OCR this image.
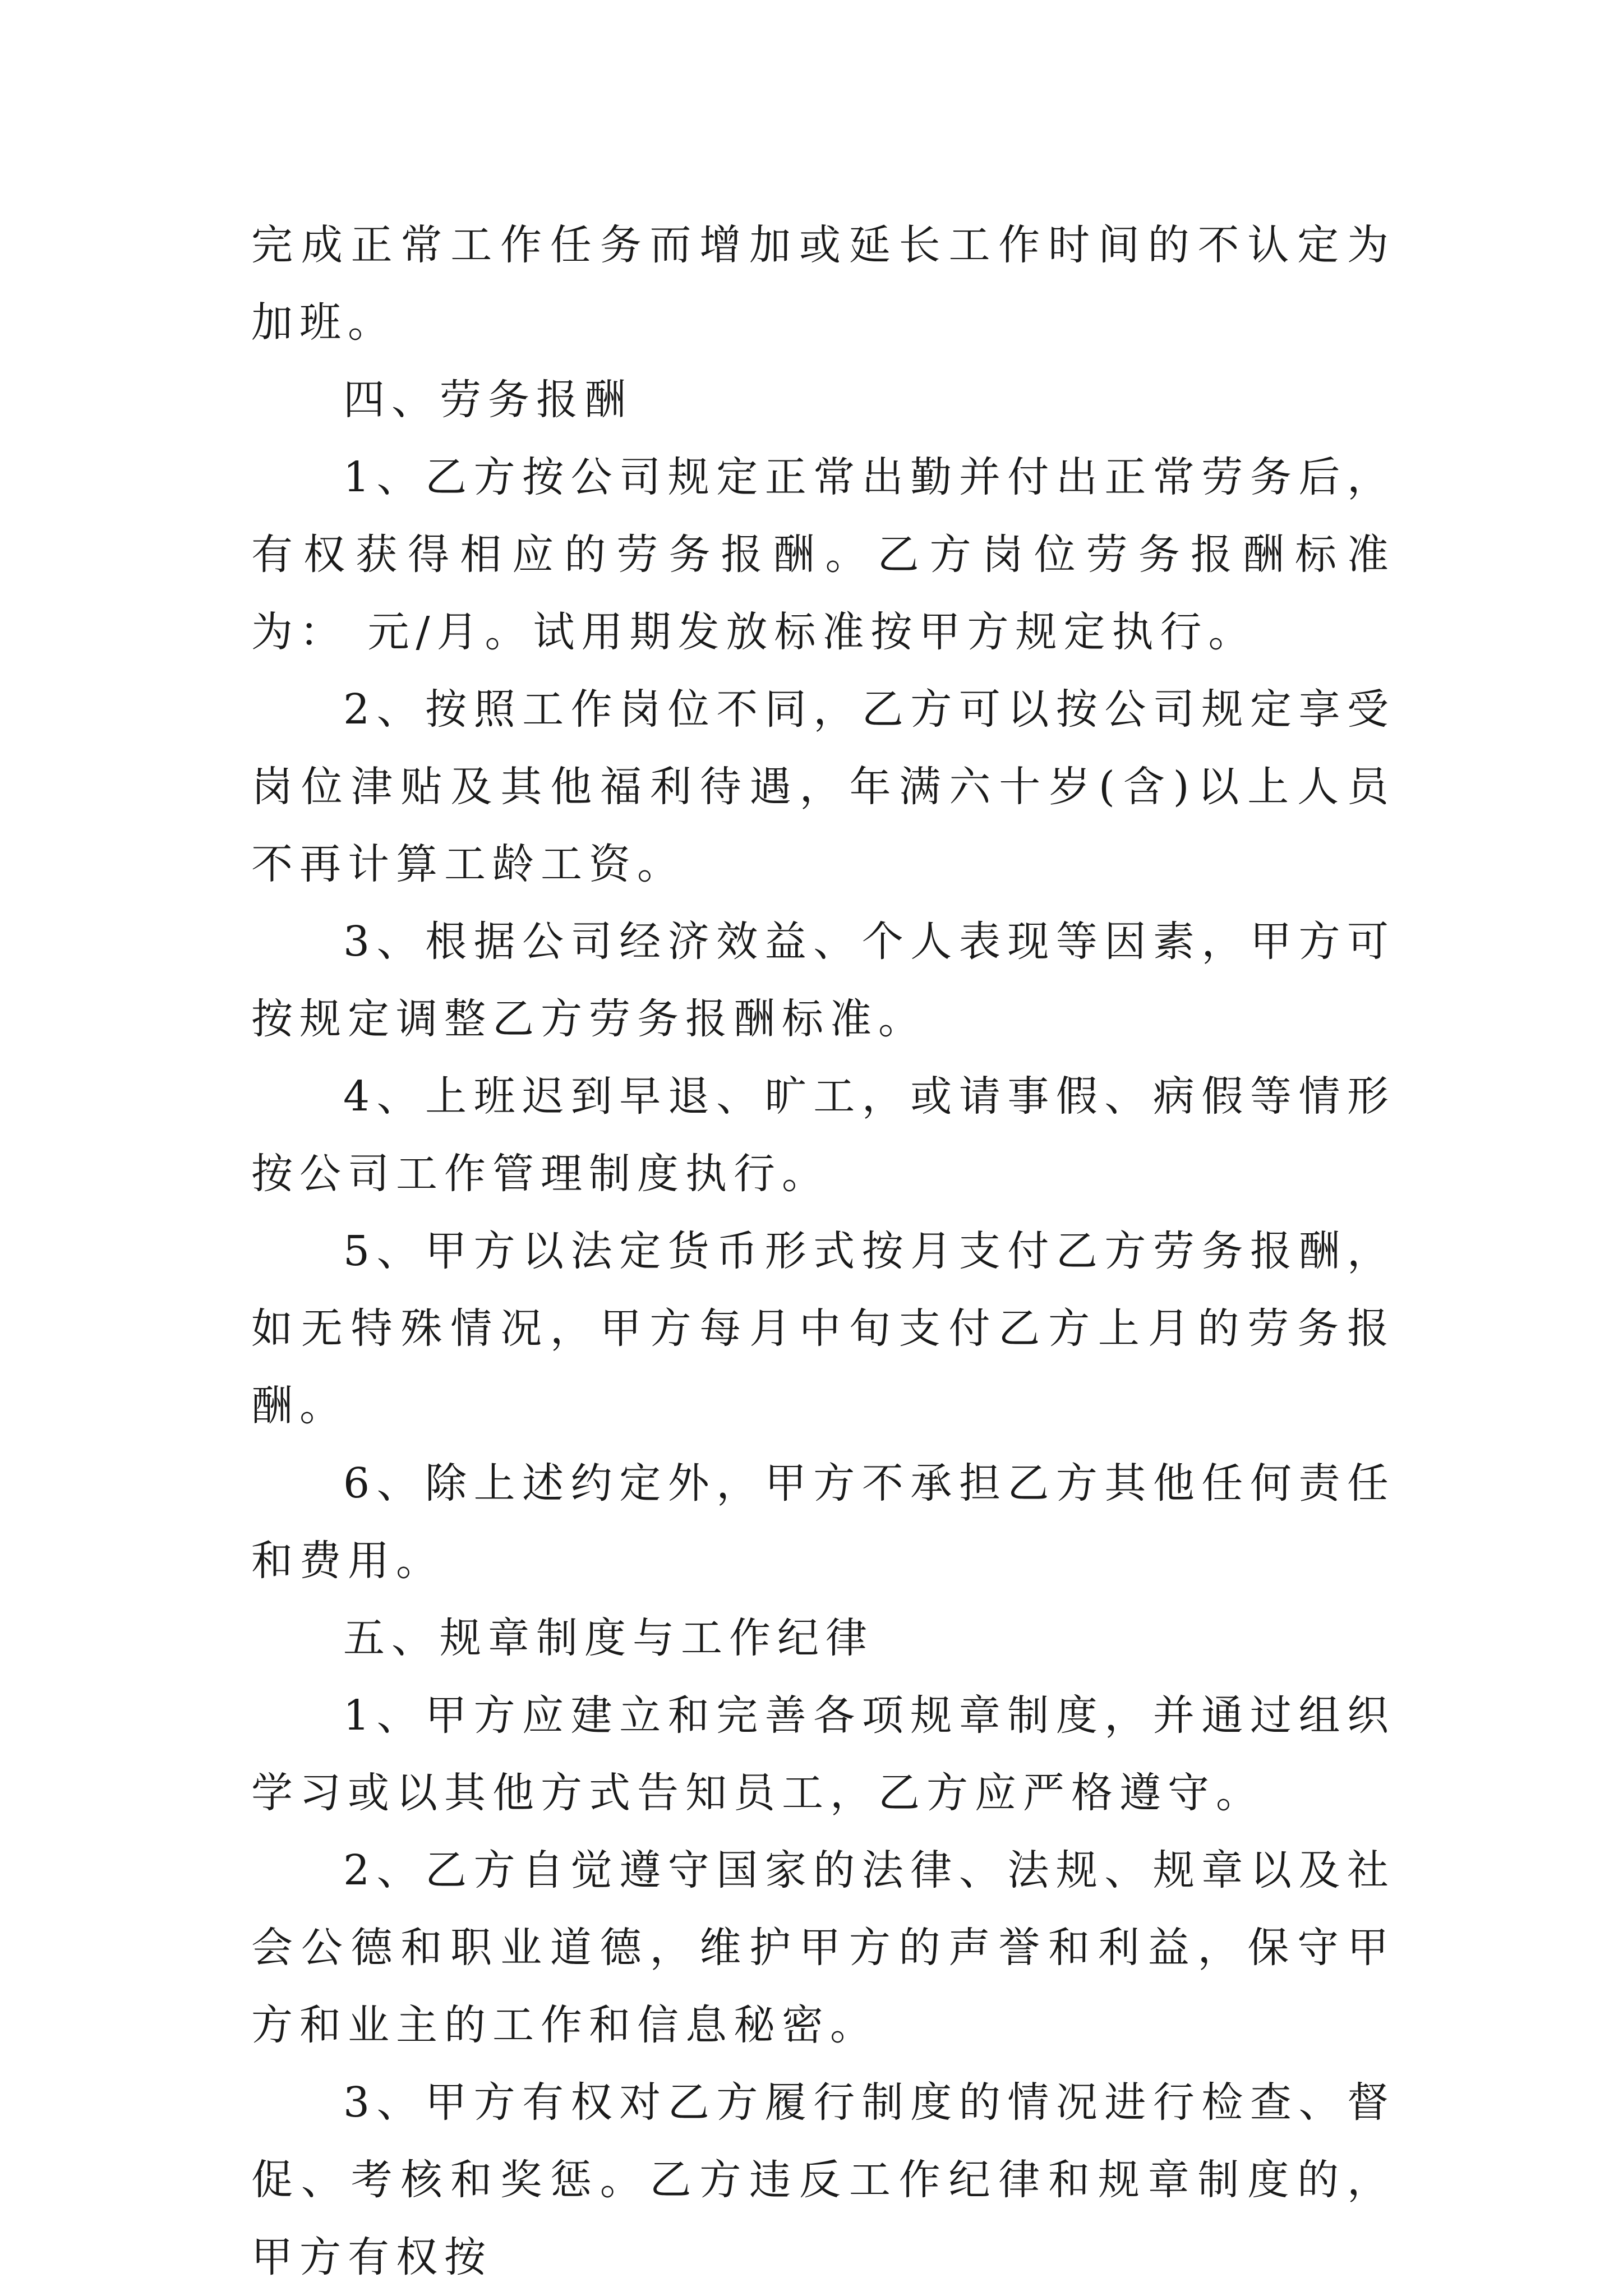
完成正常工作任务而增加或延长工作时间的不认定为加班。

四、劳务报酬

1、乙方按公司规定正常出勤并付出正常劳务后，有权获得相应的劳务报酬。乙方岗位劳务报酬标准为： 元/月。试用期发放标准按甲方规定执行。

2、按照工作岗位不同，乙方可以按公司规定享受岗位津贴及其他福利待遇，年满六十岁(含)以上人员不再计算工龄工资。

3、根据公司经济效益、个人表现等因素，甲方可按规定调整乙方劳务报酬标准。

4、上班迟到早退、旷工，或请事假、病假等情形按公司工作管理制度执行。

5、甲方以法定货币形式按月支付乙方劳务报酬，如无特殊情况，甲方每月中旬支付乙方上月的劳务报酬。

6、除上述约定外，甲方不承担乙方其他任何责任和费用。

五、规章制度与工作纪律

1、甲方应建立和完善各项规章制度，并通过组织学习或以其他方式告知员工，乙方应严格遵守。

2、乙方自觉遵守国家的法律、法规、规章以及社会公德和职业道德，维护甲方的声誉和利益，保守甲方和业主的工作和信息秘密。

3、甲方有权对乙方履行制度的情况进行检查、督促、考核和奖惩。乙方违反工作纪律和规章制度的，甲方有权按
